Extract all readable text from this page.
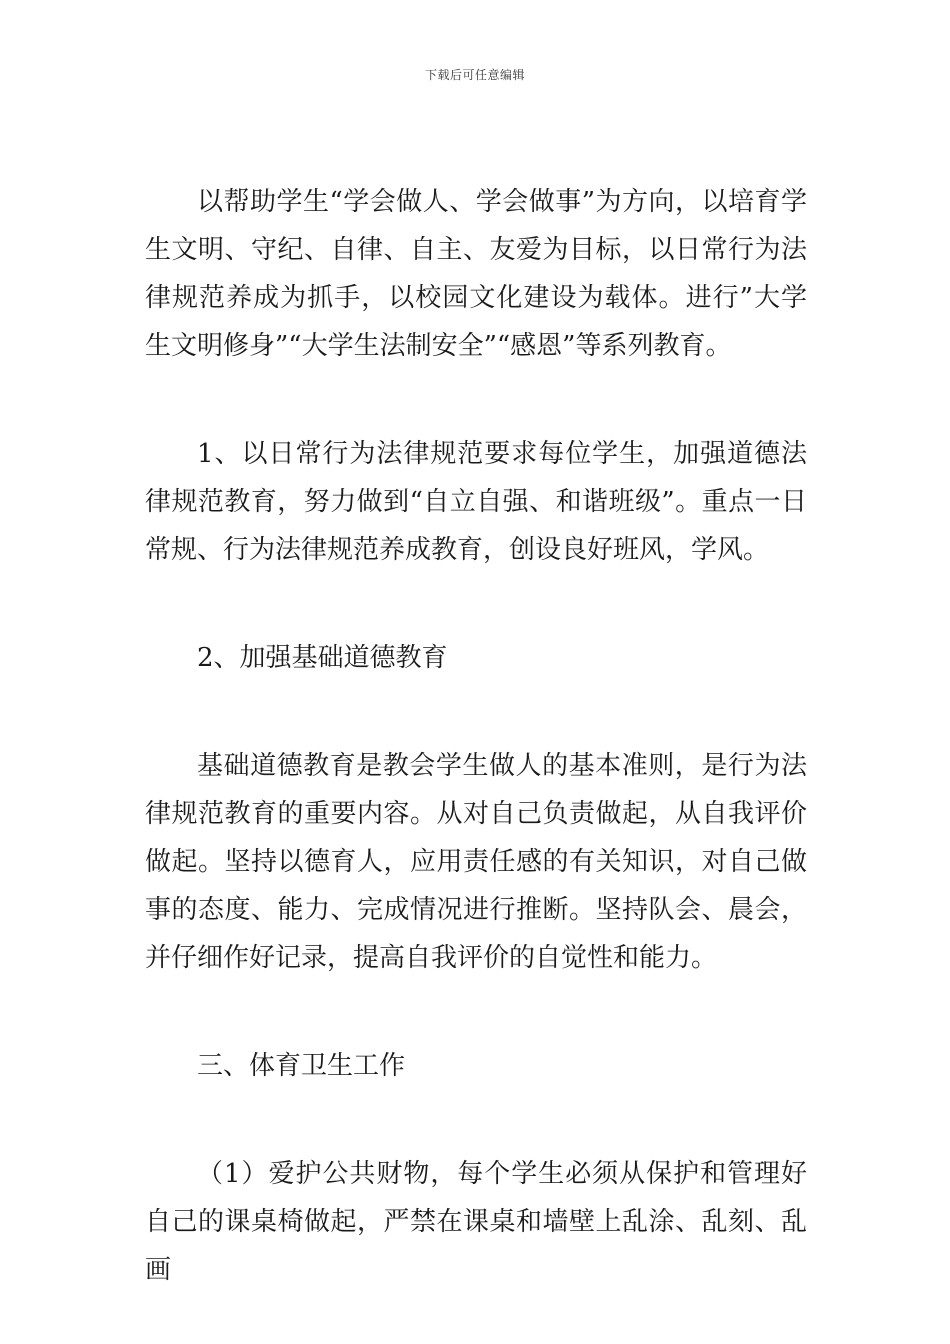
下载后可任意编辑

以帮助学生“学会做人、学会做事”为方向，以培育学生文明、守纪、自律、自主、友爱为目标，以日常行为法律规范养成为抓手，以校园文化建设为载体。进行”大学生文明修身”“大学生法制安全”“感恩”等系列教育。

1、以日常行为法律规范要求每位学生，加强道德法律规范教育，努力做到“自立自强、和谐班级”。重点一日常规、行为法律规范养成教育，创设良好班风，学风。

2、加强基础道德教育

基础道德教育是教会学生做人的基本准则，是行为法律规范教育的重要内容。从对自己负责做起，从自我评价做起。坚持以德育人，应用责任感的有关知识，对自己做事的态度、能力、完成情况进行推断。坚持队会、晨会，并仔细作好记录，提高自我评价的自觉性和能力。

三、体育卫生工作

（1）爱护公共财物，每个学生必须从保护和管理好自己的课桌椅做起，严禁在课桌和墙壁上乱涂、乱刻、乱画
